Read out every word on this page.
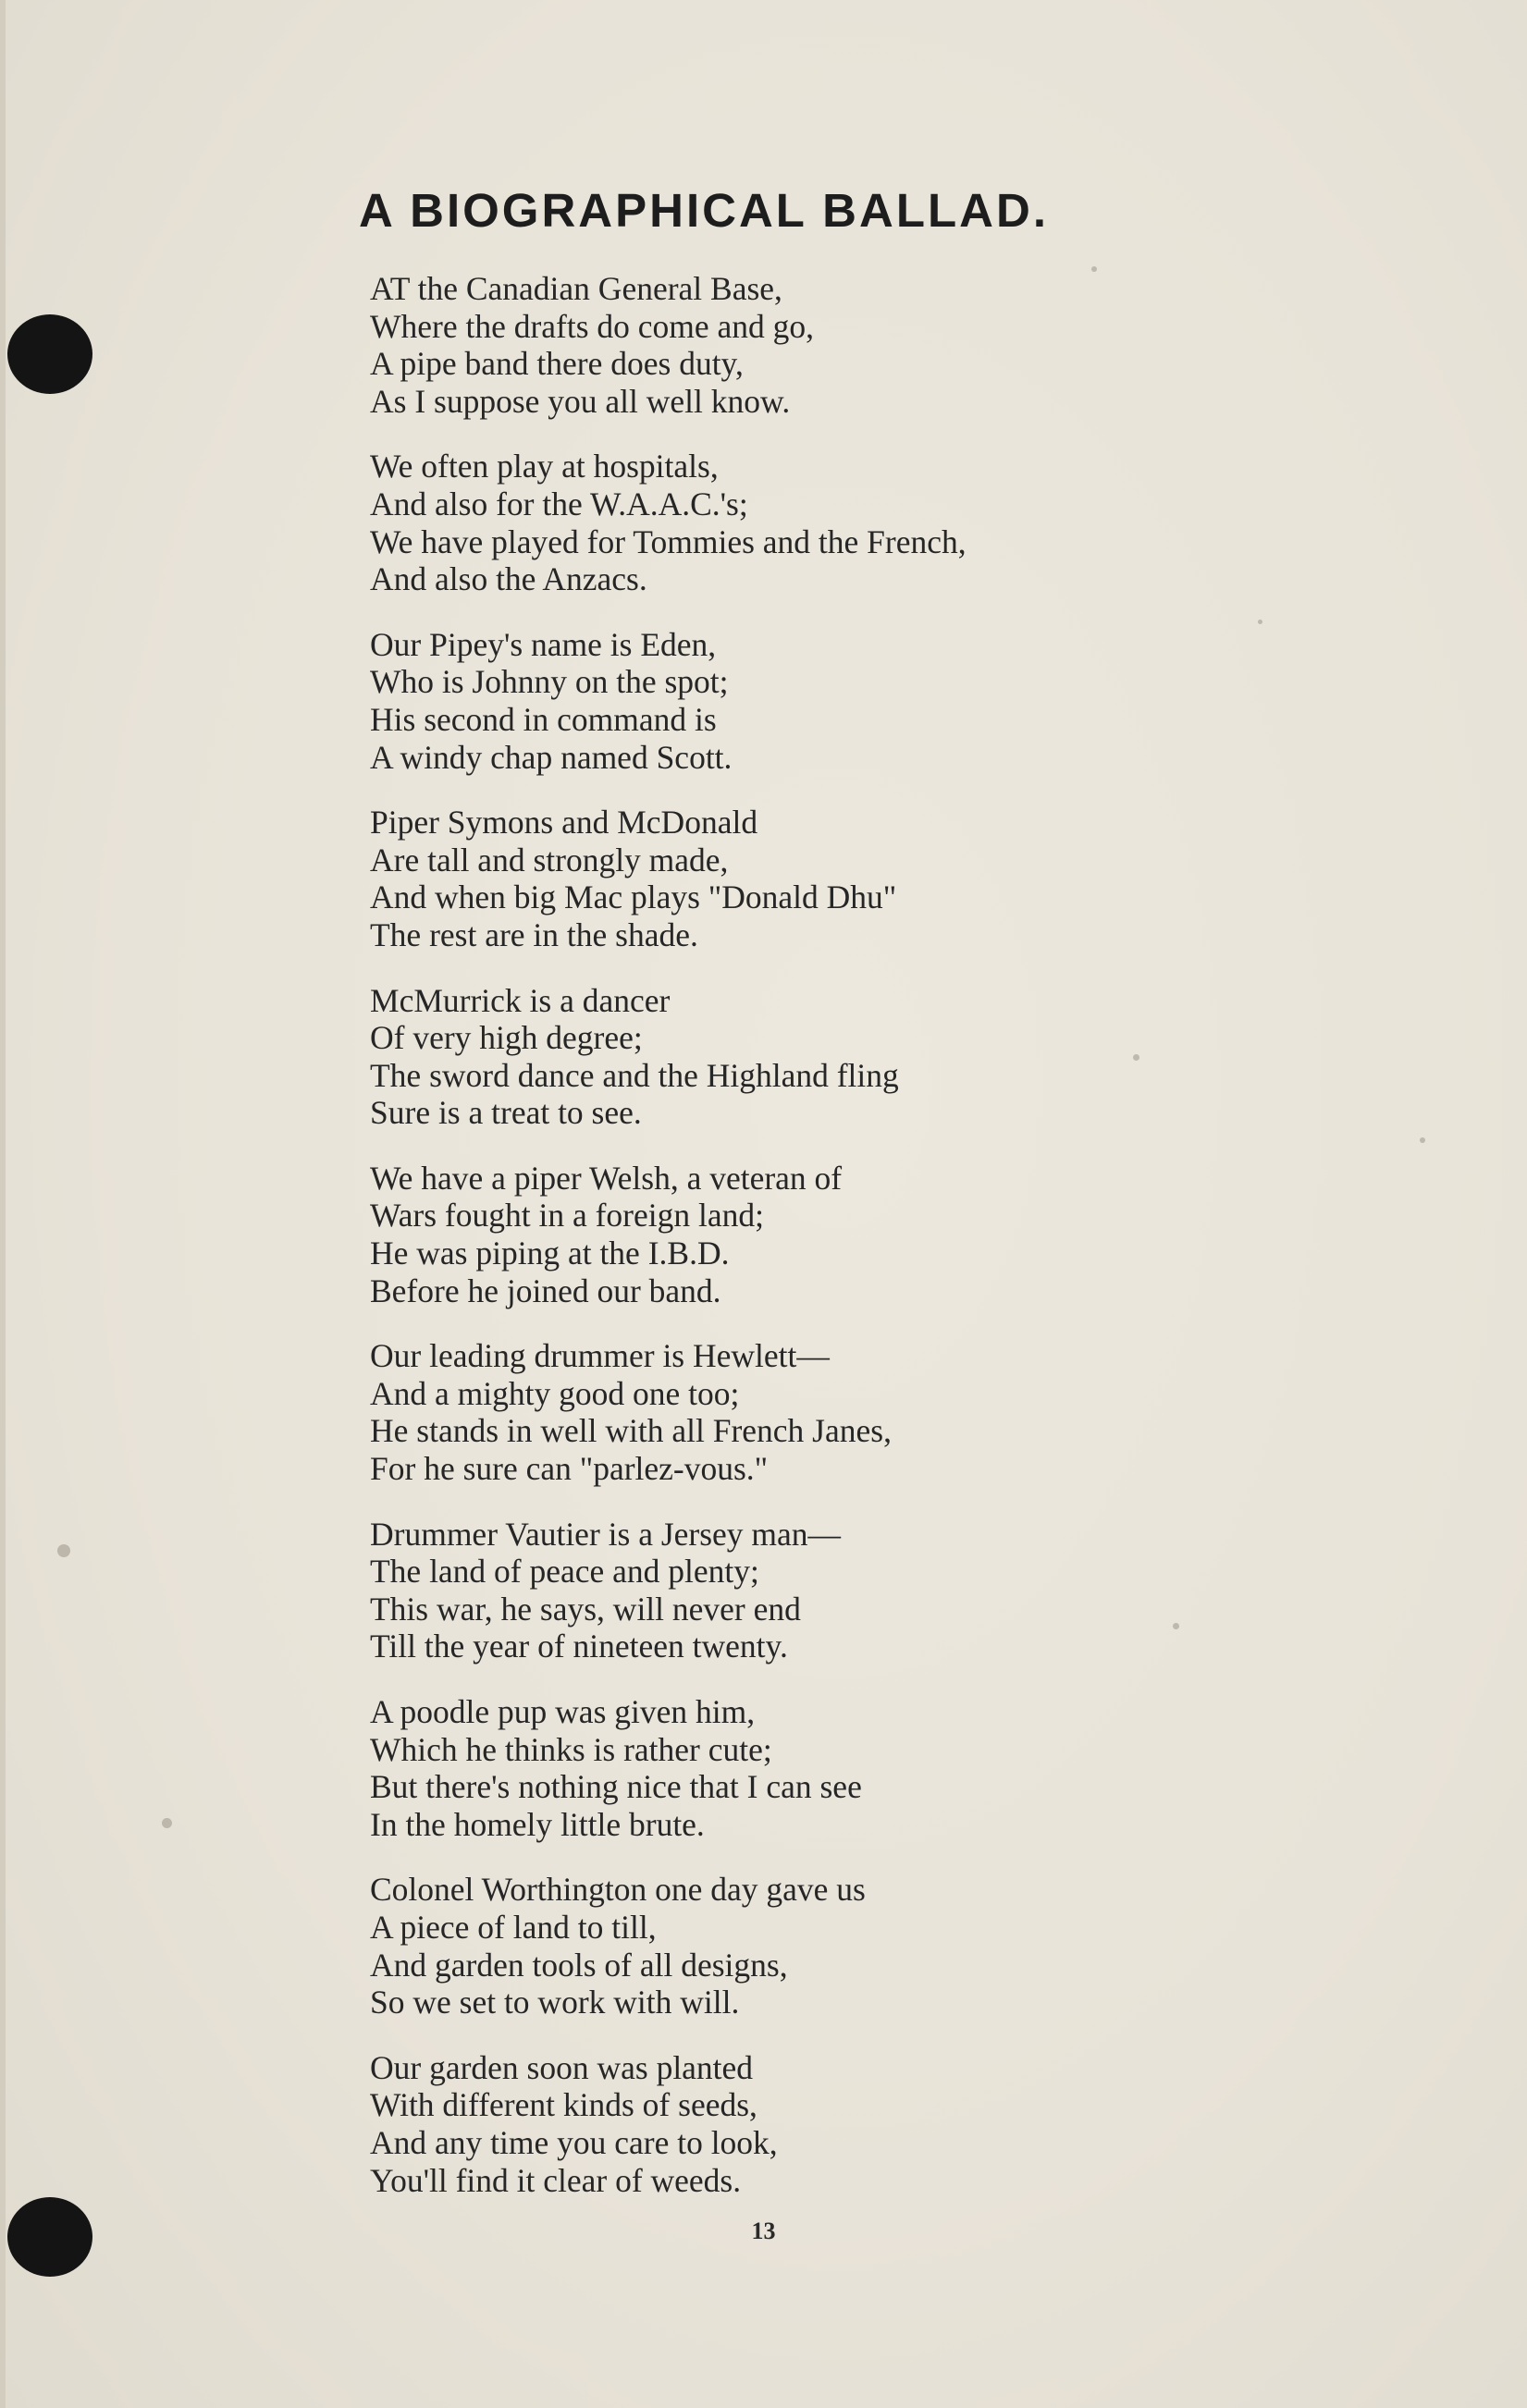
A BIOGRAPHICAL BALLAD.
AT the Canadian General Base,
Where the drafts do come and go,
A pipe band there does duty,
As I suppose you all well know.
We often play at hospitals,
And also for the W.A.A.C.'s;
We have played for Tommies and the French,
And also the Anzacs.
Our Pipey's name is Eden,
Who is Johnny on the spot;
His second in command is
A windy chap named Scott.
Piper Symons and McDonald
Are tall and strongly made,
And when big Mac plays "Donald Dhu"
The rest are in the shade.
McMurrick is a dancer
Of very high degree;
The sword dance and the Highland fling
Sure is a treat to see.
We have a piper Welsh, a veteran of
Wars fought in a foreign land;
He was piping at the I.B.D.
Before he joined our band.
Our leading drummer is Hewlett—
And a mighty good one too;
He stands in well with all French Janes,
For he sure can "parlez-vous."
Drummer Vautier is a Jersey man—
The land of peace and plenty;
This war, he says, will never end
Till the year of nineteen twenty.
A poodle pup was given him,
Which he thinks is rather cute;
But there's nothing nice that I can see
In the homely little brute.
Colonel Worthington one day gave us
A piece of land to till,
And garden tools of all designs,
So we set to work with will.
Our garden soon was planted
With different kinds of seeds,
And any time you care to look,
You'll find it clear of weeds.
13
